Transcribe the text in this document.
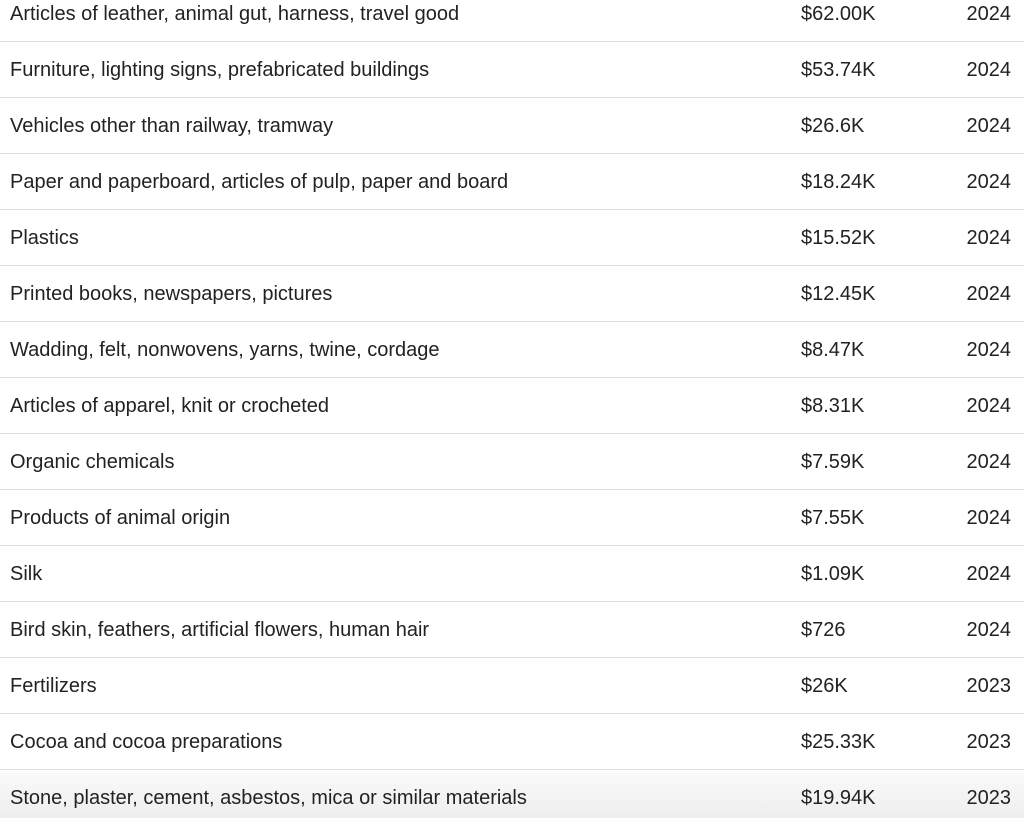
Articles of leather, animal gut, harness, travel good	$62.00K	2024
Furniture, lighting signs, prefabricated buildings	$53.74K	2024
Vehicles other than railway, tramway	$26.6K	2024
Paper and paperboard, articles of pulp, paper and board	$18.24K	2024
Plastics	$15.52K	2024
Printed books, newspapers, pictures	$12.45K	2024
Wadding, felt, nonwovens, yarns, twine, cordage	$8.47K	2024
Articles of apparel, knit or crocheted	$8.31K	2024
Organic chemicals	$7.59K	2024
Products of animal origin	$7.55K	2024
Silk	$1.09K	2024
Bird skin, feathers, artificial flowers, human hair	$726	2024
Fertilizers	$26K	2023
Cocoa and cocoa preparations	$25.33K	2023
Stone, plaster, cement, asbestos, mica or similar materials	$19.94K	2023
